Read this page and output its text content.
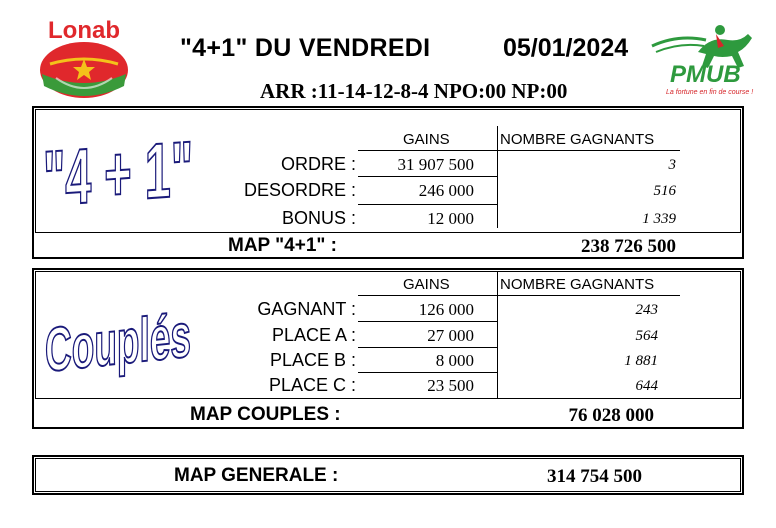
Lonab
"4+1" DU VENDREDI	05/01/2024
ARR :11-14-12-8-4 NPO:00 NP:00
PMUB
La fortune en fin de course !
"4 +	GAINS	NOMBRE GAGNANTS
ORDRE :	31 907 500	3
DESORDRE :	246 000	516
BONUS :	12 000	1 339
MAP "4+1" :	238 726 500
Couplés
GAINS	NOMBRE GAGNANTS
GAGNANT :	126 000	243
PLACE A :	27 000	564
PLACE B :	8 000	1 881
PLACE C :	23 500	644
MAP COUPLES :	76 028 000
MAP GENERALE :	314 754 500
